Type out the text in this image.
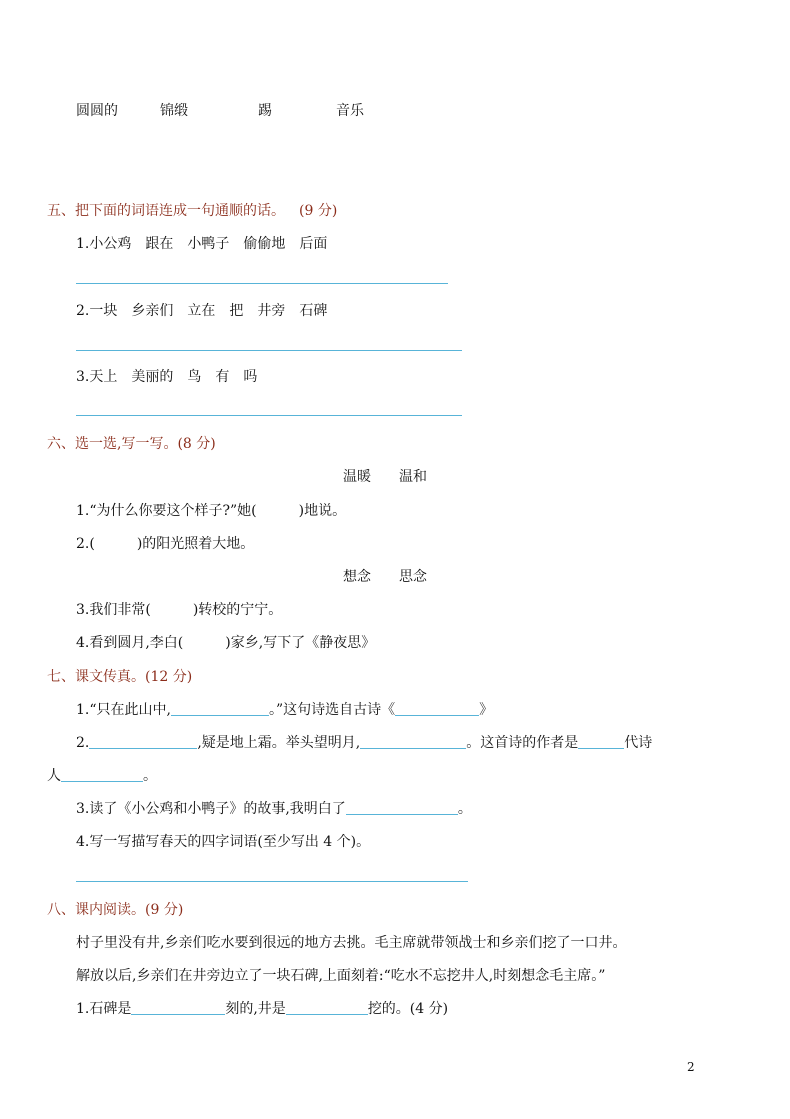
圆圆的	锦缎	踢	音乐
五、把下面的词语连成一句通顺的话。 (9 分)
1.小公鸡 跟在 小鸭子 偷偷地 后面
2.一块 乡亲们 立在 把 井旁 石碑
3.天上 美丽的 鸟 有 吗
六、选一选,写一写。(8 分)
温暖 温和
1.“为什么你要这个样子?”她(	)地说。
2.(	)的阳光照着大地。
想念 思念
3.我们非常(	)转校的宁宁。
4.看到圆月,李白(	)家乡,写下了《静夜思》
七、课文传真。(12 分)
1.“只在此山中,	。”这句诗选自古诗《	》
2.	,疑是地上霜。举头望明月,	。这首诗的作者是	代诗
人	。
3.读了《小公鸡和小鸭子》的故事,我明白了	。
4.写一写描写春天的四字词语(至少写出 4 个)。
八、课内阅读。(9 分)
村子里没有井,乡亲们吃水要到很远的地方去挑。毛主席就带领战士和乡亲们挖了一口井。
解放以后,乡亲们在井旁边立了一块石碑,上面刻着:“吃水不忘挖井人,时刻想念毛主席。”
1.石碑是	刻的,井是	挖的。(4 分)
2
